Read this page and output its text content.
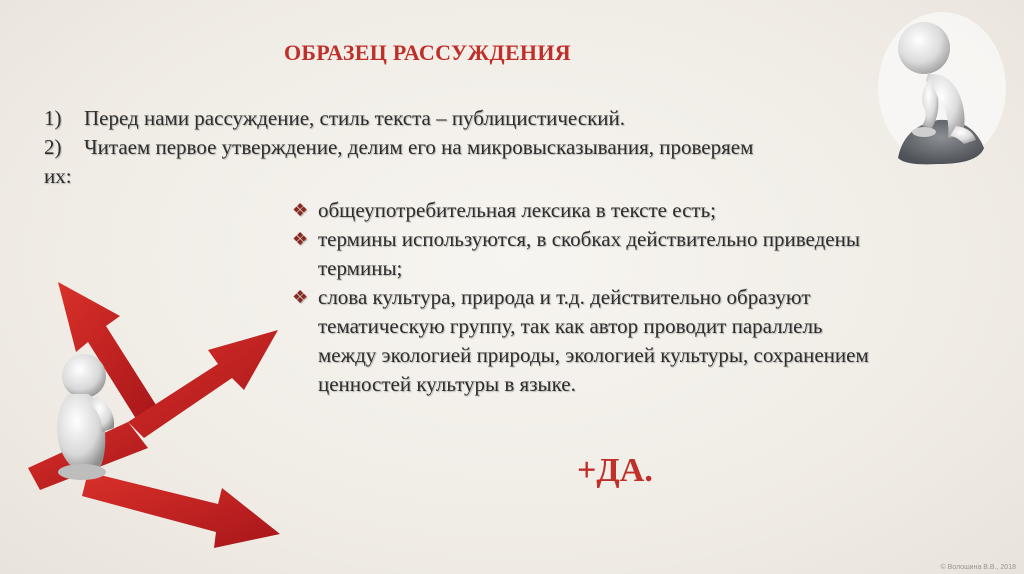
ОБРАЗЕЦ РАССУЖДЕНИЯ
1)	Перед нами рассуждение, стиль текста – публицистический.
2)	Читаем первое утверждение, делим его на микровысказывания, проверяем
их:
❖ общеупотребительная лексика в тексте есть;
❖ термины используются, в скобках действительно приведены
термины;
❖ слова культура, природа и т.д. действительно образуют
тематическую группу, так как автор проводит параллель
между экологией природы, экологией культуры, сохранением
ценностей культуры в языке.
+ДА.
© Волошина В.В., 2018
